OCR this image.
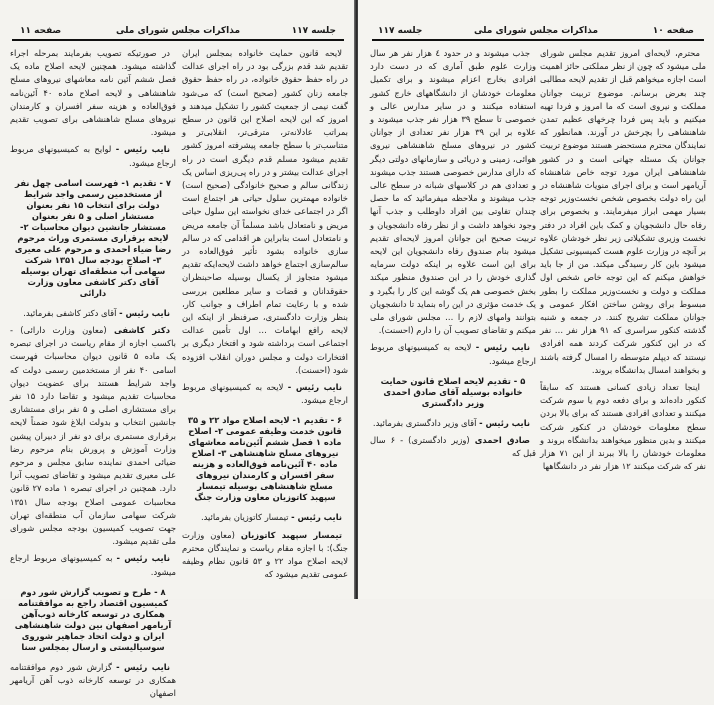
صفحه ۱۱	مذاکرات مجلس شورای ملی	جلسه ۱۱۷

لایحه قانون حمایت خانواده بمجلس ایران تقدیم شد قدم بزرگی بود در راه اجرای عدالت در راه حفظ حقوق خانواده، در راه حفظ حقوق جامعه زنان کشور (صحیح است) که می‌شود گفت نیمی از جمعیت کشور را تشکیل میدهند و امروز که این لایحه اصلاح این قانون در سطح بمراتب عادلانه‌تر، مترقی‌تر، انقلابی‌تر و متناسب‌تر با سطح جامعه پیشرفته امروز کشور تقدیم میشود مسلم قدم دیگری است در راه اجرای عدالت بیشتر و در راه پی‌ریزی اساس یک زندگانی سالم و صحیح خانوادگی (صحیح است) خانواده مهمترین سلول حیاتی هر اجتماع است اگر در اجتماعی خدای نخواسته این سلول حیاتی مریض و نامتعادل باشد مسلماً آن جامعه مریض و نامتعادل است بنابراین هر اقدامی که در سالم سازی خانواده بشود تأثیر فوق‌العاده در سالم‌سازی اجتماع خواهد داشت لایحه‌ایکه تقدیم میشود متجاوز از یکسال بوسیله صاحبنظران حقوقدانان و قضات و سایر مطلعین بررسی شده و با رعایت تمام اطراف و جوانب کار، بنظر وزارت دادگستری، صرفنظر از اینکه این لایحه رافع ابهامات … اول تأمین عدالت اجتماعی است برداشته شود و افتخار دیگری بر افتخارات دولت و مجلس دوران انقلاب افزوده شود (احسنت).

نایب رئیس - لایحه به کمیسیونهای مربوط ارجاع میشود.

۶ - تقدیم ۱- لایحه اصلاح مواد ۲۲ و ۳۵ قانون خدمت وظیفه عمومی ۲- اصلاح ماده ۱ فصل ششم آئین‌نامه معاشهای نیروهای مسلح شاهنشاهی ۳- اصلاح ماده ۴۰ آئین‌نامه فوق‌العاده و هزینه سفر افسران و کارمندان نیروهای مسلح شاهنشاهی بوسیله تیمسار سپهبد کاتوزیان معاون وزارت جنگ

نایب رئیس - تیمسار کاتوزیان بفرمائید.

تیمسار سپهبد کاتوزیان (معاون وزارت جنگ): با اجازه مقام ریاست و نمایندگان محترم لایحه اصلاح مواد ۲۲ و ۵۳ قانون نظام وظیفه عمومی تقدیم میشود که

در صورتیکه تصویب بفرمایند بمرحله اجراء گذاشته میشود. همچنین لایحه اصلاح ماده یک فصل ششم آئین نامه معاشهای نیروهای مسلح شاهنشاهی و لایحه اصلاح ماده ۴۰ آئین‌نامه فوق‌العاده و هزینه سفر افسران و کارمندان نیروهای مسلح شاهنشاهی برای تصویب تقدیم میشود.

نایب رئیس - لوایح به کمیسیونهای مربوط ارجاع میشود.

۷ - تقدیم ۱- فهرست اسامی چهل نفر از مستخدمین رسمی واجد شرایط دولت برای انتخاب ۱۵ نفر بعنوان مستشار اصلی و ۵ نفر بعنوان مستشار جانشین دیوان محاسبات ۲- لایحه برقراری مستمری وراث مرحوم رضا ضیاء احمدی و مرحوم علی معیری ۳- اصلاح بودجه سال ۱۳۵۱ شرکت سهامی آب منطقه‌ای تهران بوسیله آقای دکتر کاشفی معاون وزارت دارائی

نایب رئیس - آقای دکتر کاشفی بفرمائید.

دکتر کاشفی (معاون وزارت دارائی) - باکسب اجازه از مقام ریاست در اجرای تبصره یک ماده ۵ قانون دیوان محاسبات فهرست اسامی ۴۰ نفر از مستخدمین رسمی دولت که واجد شرایط هستند برای عضویت دیوان محاسبات تقدیم میشود و تقاضا دارد ۱۵ نفر برای مستشاری اصلی و ۵ نفر برای مستشاری جانشین انتخاب و بدولت ابلاغ شود ضمناً لایحه برقراری مستمری برای دو نفر از دبیران پیشین وزارت آموزش و پرورش بنام مرحوم رضا ضیائی احمدی نماینده سابق مجلس و مرحوم علی معیری تقدیم میشود و تقاضای تصویب آنرا دارد. همچنین در اجرای تبصره ۱ ماده ۲۷ قانون محاسبات عمومی اصلاح بودجه سال ۱۳۵۱ شرکت سهامی سازمان آب منطقه‌ای تهران جهت تصویب کمیسیون بودجه مجلس شورای ملی تقدیم میشود.

نایب رئیس - به کمیسیونهای مربوط ارجاع میشود.

۸ - طرح و تصویب گزارش شور دوم کمیسیون اقتصاد راجع به موافقتنامه همکاری در توسعه کارخانه ذوب‌آهن آریامهر اصفهان بین دولت شاهنشاهی ایران و دولت اتحاد جماهیر شوروی سوسیالیستی و ارسال بمجلس سنا

نایب رئیس - گزارش شور دوم موافقتنامه همکاری در توسعه کارخانه ذوب آهن آریامهر اصفهان

جلسه ۱۱۷	مذاکرات مجلس شورای ملی	صفحه ۱۰

محترم، لایحه‌ای امروز تقدیم مجلس شورای ملی میشود که چون از نظر مملکتی حائز اهمیت است اجازه میخواهم قبل از تقدیم لایحه مطالبی چند بعرض برسانم. موضوع تربیت جوانان مملکت و نیروی است که ما امروز و فردا تهیه میکنیم و باید پس فردا چرخهای عظیم تمدن شاهنشاهی را بچرخش در آورند. همانطور که نمایندگان محترم مستحضر هستند موضوع تربیت جوانان یک مسئله جهانی است و در کشور شاهنشاهی ایران مورد توجه خاص شاهنشاه آریامهر است و برای اجرای منویات شاهنشاه در این راه دولت بخصوص شخص نخست‌وزیر توجه بسیار مهمی ابراز میفرمایند. و بخصوص برای رفاه حال دانشجویان و کمک باین افراد در دفتر نخست وزیری تشکیلاتی زیر نظر خودشان علاوه بر آنچه در وزارت علوم هست کمیسیونی تشکیل میشود باین کار رسیدگی میکند. من از جا باید خواهش میکنم که این توجه خاص شخص اول مملکت و دولت و نخست‌وزیر مملکت را بطور مبسوط برای روشن ساختن افکار عمومی و جوانان مملکت تشریح کنند. در جمعه و شنبه گذشته کنکور سراسری که ۹۱ هزار نفر … نفر که در این کنکور شرکت کردند همه افرادی نیستند که دیپلم متوسطه را امسال گرفته باشند و بخواهند امسال بدانشگاه بروند.

اینجا تعداد زیادی کسانی هستند که سابقاً کنکور داده‌اند و برای دفعه دوم یا سوم شرکت میکنند و تعدادی افرادی هستند که برای بالا بردن سطح معلومات خودشان در کنکور شرکت میکنند و بدین منظور میخواهند بدانشگاه بروند و معلومات خودشان را بالا ببرند از این ۷۱ هزار نفر که شرکت میکنند ۱۲ هزار نفر در دانشگاهها

جذب میشوند و در حدود ٤ هزار نفر هر سال وزارت علوم طبق آماری که در دست دارد افرادی بخارج اعزام میشوند و برای تکمیل معلومات خودشان از دانشگاههای خارج کشور استفاده میکنند و در سایر مدارس عالی و خصوصی تا سطح ۳۹ هزار نفر جذب میشوند و علاوه بر این ۳۹ هزار نفر تعدادی از جوانان کشور در نیروهای مسلح شاهنشاهی نیروی هوائی، زمینی و دریائی و سازمانهای دولتی دیگر که دارای مدارس خصوصی هستند جذب میشوند و تعدادی هم در کلاسهای شبانه در سطح عالی جذب میشوند و ملاحظه میفرمائید که ما حصل چندان تفاوتی بین افراد داوطلب و جذب آنها وجود نخواهد داشت و از نظر رفاه دانشجویان و تربیت صحیح این جوانان امروز لایحه‌ای تقدیم میشود بنام صندوق رفاه دانشجویان این لایحه برای این است علاوه بر اینکه دولت سرمایه گذاری خودش را در این صندوق منظور میکند بخش خصوصی هم یک گوشه این کار را بگیرد و یک خدمت مؤثری در این راه بنماید تا دانشجویان بتوانند وامهای لازم را … مجلس شورای ملی میکنم و تقاضای تصویب آن را دارم (احسنت).

نایب رئیس - لایحه به کمیسیونهای مربوط ارجاع میشود.

۵ - تقدیم لایحه اصلاح قانون حمایت خانواده بوسیله آقای صادق احمدی وزیر دادگستری

نایب رئیس - آقای وزیر دادگستری بفرمائید.

صادق احمدی (وزیر دادگستری) - ۶ سال قبل که
